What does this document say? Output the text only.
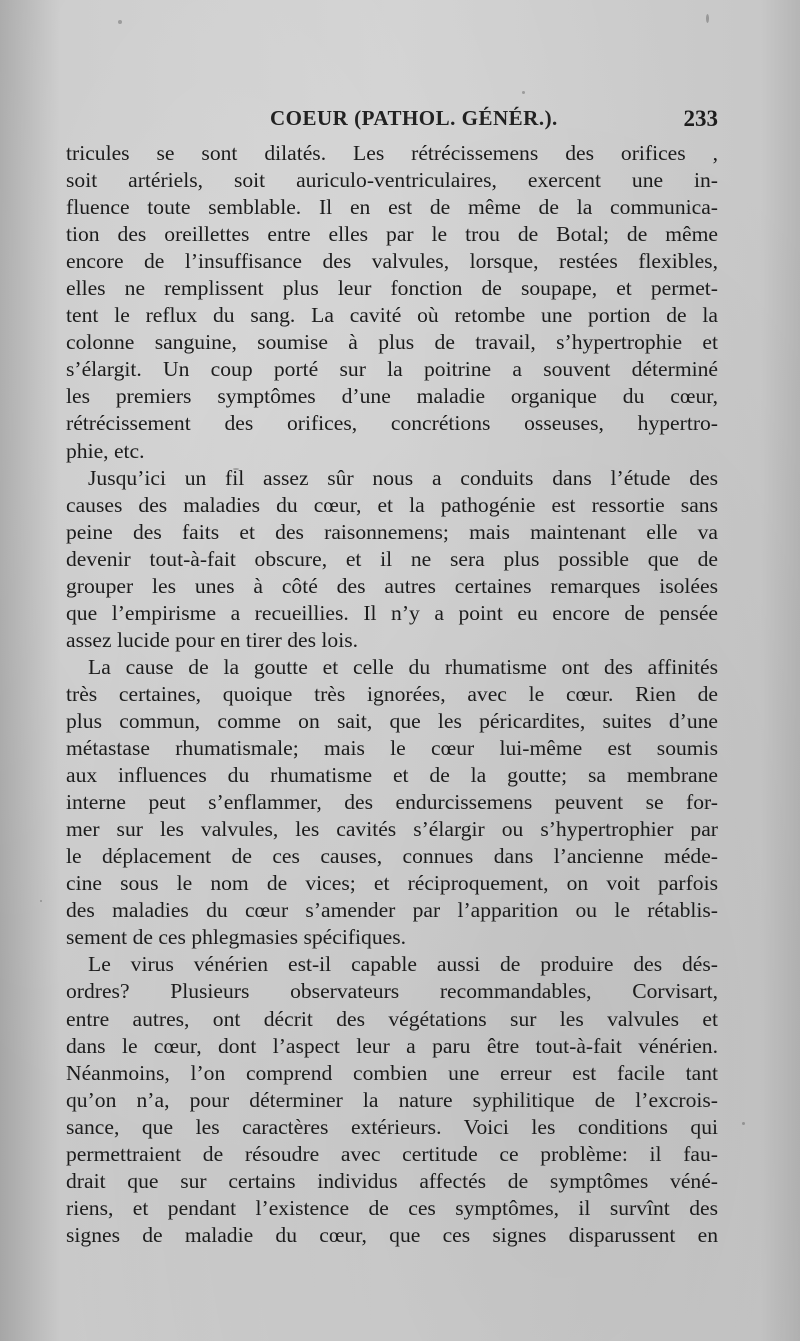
COEUR (PATHOL. GÉNÉR.).	233
tricules se sont dilatés. Les rétrécissemens des orifices ,
soit artériels, soit auriculo-ventriculaires, exercent une in-
fluence toute semblable. Il en est de même de la communica-
tion des oreillettes entre elles par le trou de Botal; de même
encore de l’insuffisance des valvules, lorsque, restées flexibles,
elles ne remplissent plus leur fonction de soupape, et permet-
tent le reflux du sang. La cavité où retombe une portion de la
colonne sanguine, soumise à plus de travail, s’hypertrophie et
s’élargit. Un coup porté sur la poitrine a souvent déterminé
les premiers symptômes d’une maladie organique du cœur,
rétrécissement des orifices, concrétions osseuses, hypertro-
phie, etc.
Jusqu’ici un fil assez sûr nous a conduits dans l’étude des
causes des maladies du cœur, et la pathogénie est ressortie sans
peine des faits et des raisonnemens; mais maintenant elle va
devenir tout-à-fait obscure, et il ne sera plus possible que de
grouper les unes à côté des autres certaines remarques isolées
que l’empirisme a recueillies. Il n’y a point eu encore de pensée
assez lucide pour en tirer des lois.
La cause de la goutte et celle du rhumatisme ont des affinités
très certaines, quoique très ignorées, avec le cœur. Rien de
plus commun, comme on sait, que les péricardites, suites d’une
métastase rhumatismale; mais le cœur lui-même est soumis
aux influences du rhumatisme et de la goutte; sa membrane
interne peut s’enflammer, des endurcissemens peuvent se for-
mer sur les valvules, les cavités s’élargir ou s’hypertrophier par
le déplacement de ces causes, connues dans l’ancienne méde-
cine sous le nom de vices; et réciproquement, on voit parfois
des maladies du cœur s’amender par l’apparition ou le rétablis-
sement de ces phlegmasies spécifiques.
Le virus vénérien est-il capable aussi de produire des dés-
ordres? Plusieurs observateurs recommandables, Corvisart,
entre autres, ont décrit des végétations sur les valvules et
dans le cœur, dont l’aspect leur a paru être tout-à-fait vénérien.
Néanmoins, l’on comprend combien une erreur est facile tant
qu’on n’a, pour déterminer la nature syphilitique de l’excrois-
sance, que les caractères extérieurs. Voici les conditions qui
permettraient de résoudre avec certitude ce problème: il fau-
drait que sur certains individus affectés de symptômes véné-
riens, et pendant l’existence de ces symptômes, il survînt des
signes de maladie du cœur, que ces signes disparussent en
